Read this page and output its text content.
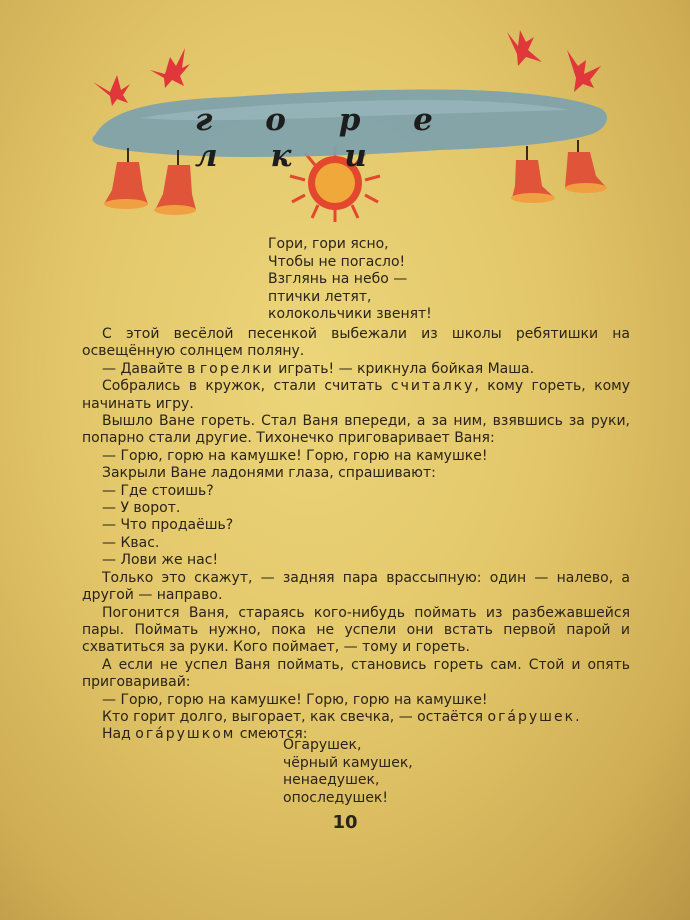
г о р е л к и
Гори, гори ясно,
Чтобы не погасло!
Взглянь на небо —
птички летят,
колокольчики звенят!

С этой весёлой песенкой выбежали из школы ребятишки на освещённую солнцем поляну.

— Давайте в горелки играть! — крикнула бойкая Маша.

Собрались в кружок, стали считать считалку, кому гореть, кому начинать игру.

Вышло Ване гореть. Стал Ваня впереди, а за ним, взявшись за руки, попарно стали другие. Тихонечко приговаривает Ваня:

— Горю, горю на камушке! Горю, горю на камушке!

Закрыли Ване ладонями глаза, спрашивают:

— Где стоишь?

— У ворот.

— Что продаёшь?

— Квас.

— Лови же нас!

Только это скажут, — задняя пара врассыпную: один — налево, а другой — направо.

Погонится Ваня, стараясь кого-нибудь поймать из разбежавшейся пары. Поймать нужно, пока не успели они встать первой парой и схватиться за руки. Кого поймает, — тому и гореть.

А если не успел Ваня поймать, становись гореть сам. Стой и опять приговаривай:

— Горю, горю на камушке! Горю, горю на камушке!

Кто горит долго, выгорает, как свечка, — остаётся огáрушек.

Над огáрушком смеются:

Огарушек,
чёрный камушек,
ненаедушек,
опоследушек!

10
